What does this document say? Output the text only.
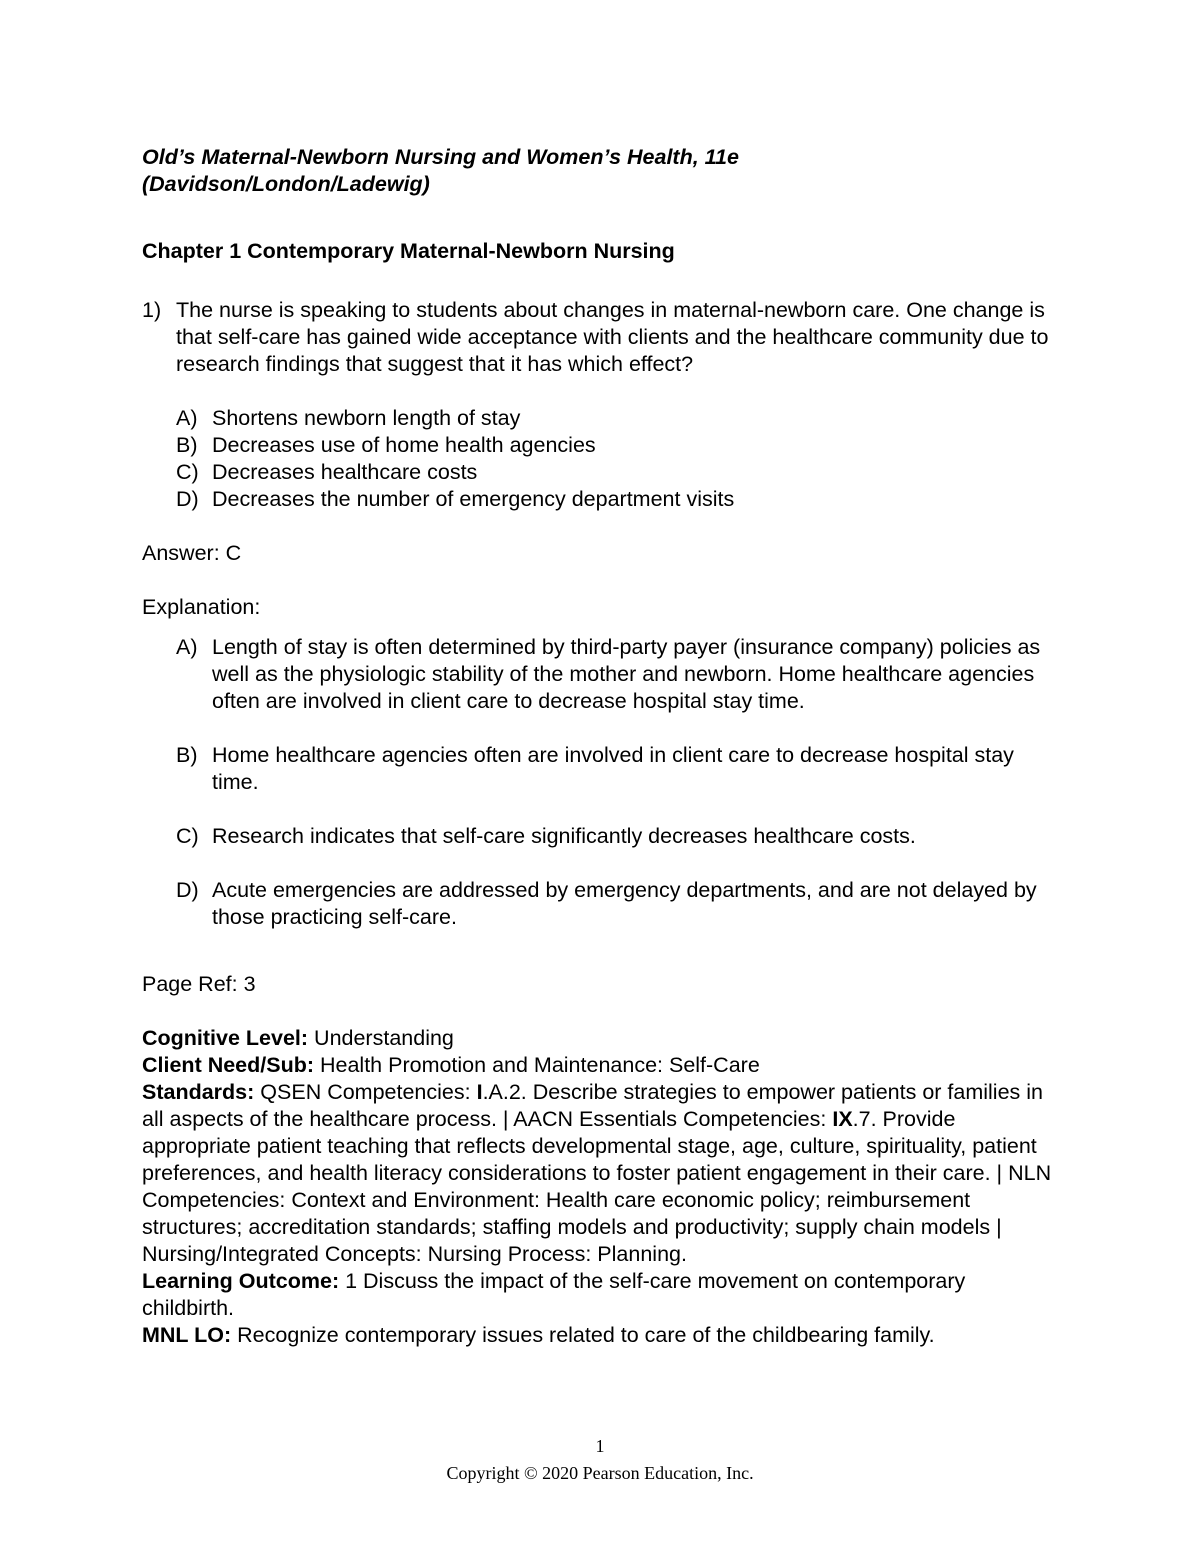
Old’s Maternal-Newborn Nursing and Women’s Health, 11e
(Davidson/London/Ladewig)
Chapter 1 Contemporary Maternal-Newborn Nursing
1) The nurse is speaking to students about changes in maternal-newborn care. One change is that self-care has gained wide acceptance with clients and the healthcare community due to research findings that suggest that it has which effect?
A) Shortens newborn length of stay
B) Decreases use of home health agencies
C) Decreases healthcare costs
D) Decreases the number of emergency department visits
Answer: C
Explanation:
A) Length of stay is often determined by third-party payer (insurance company) policies as well as the physiologic stability of the mother and newborn. Home healthcare agencies often are involved in client care to decrease hospital stay time.
B) Home healthcare agencies often are involved in client care to decrease hospital stay time.
C) Research indicates that self-care significantly decreases healthcare costs.
D) Acute emergencies are addressed by emergency departments, and are not delayed by those practicing self-care.
Page Ref: 3
Cognitive Level: Understanding
Client Need/Sub: Health Promotion and Maintenance: Self-Care
Standards: QSEN Competencies: I.A.2. Describe strategies to empower patients or families in all aspects of the healthcare process. | AACN Essentials Competencies: IX.7. Provide appropriate patient teaching that reflects developmental stage, age, culture, spirituality, patient preferences, and health literacy considerations to foster patient engagement in their care. | NLN Competencies: Context and Environment: Health care economic policy; reimbursement structures; accreditation standards; staffing models and productivity; supply chain models | Nursing/Integrated Concepts: Nursing Process: Planning.
Learning Outcome: 1 Discuss the impact of the self-care movement on contemporary childbirth.
MNL LO: Recognize contemporary issues related to care of the childbearing family.
1
Copyright © 2020 Pearson Education, Inc.
